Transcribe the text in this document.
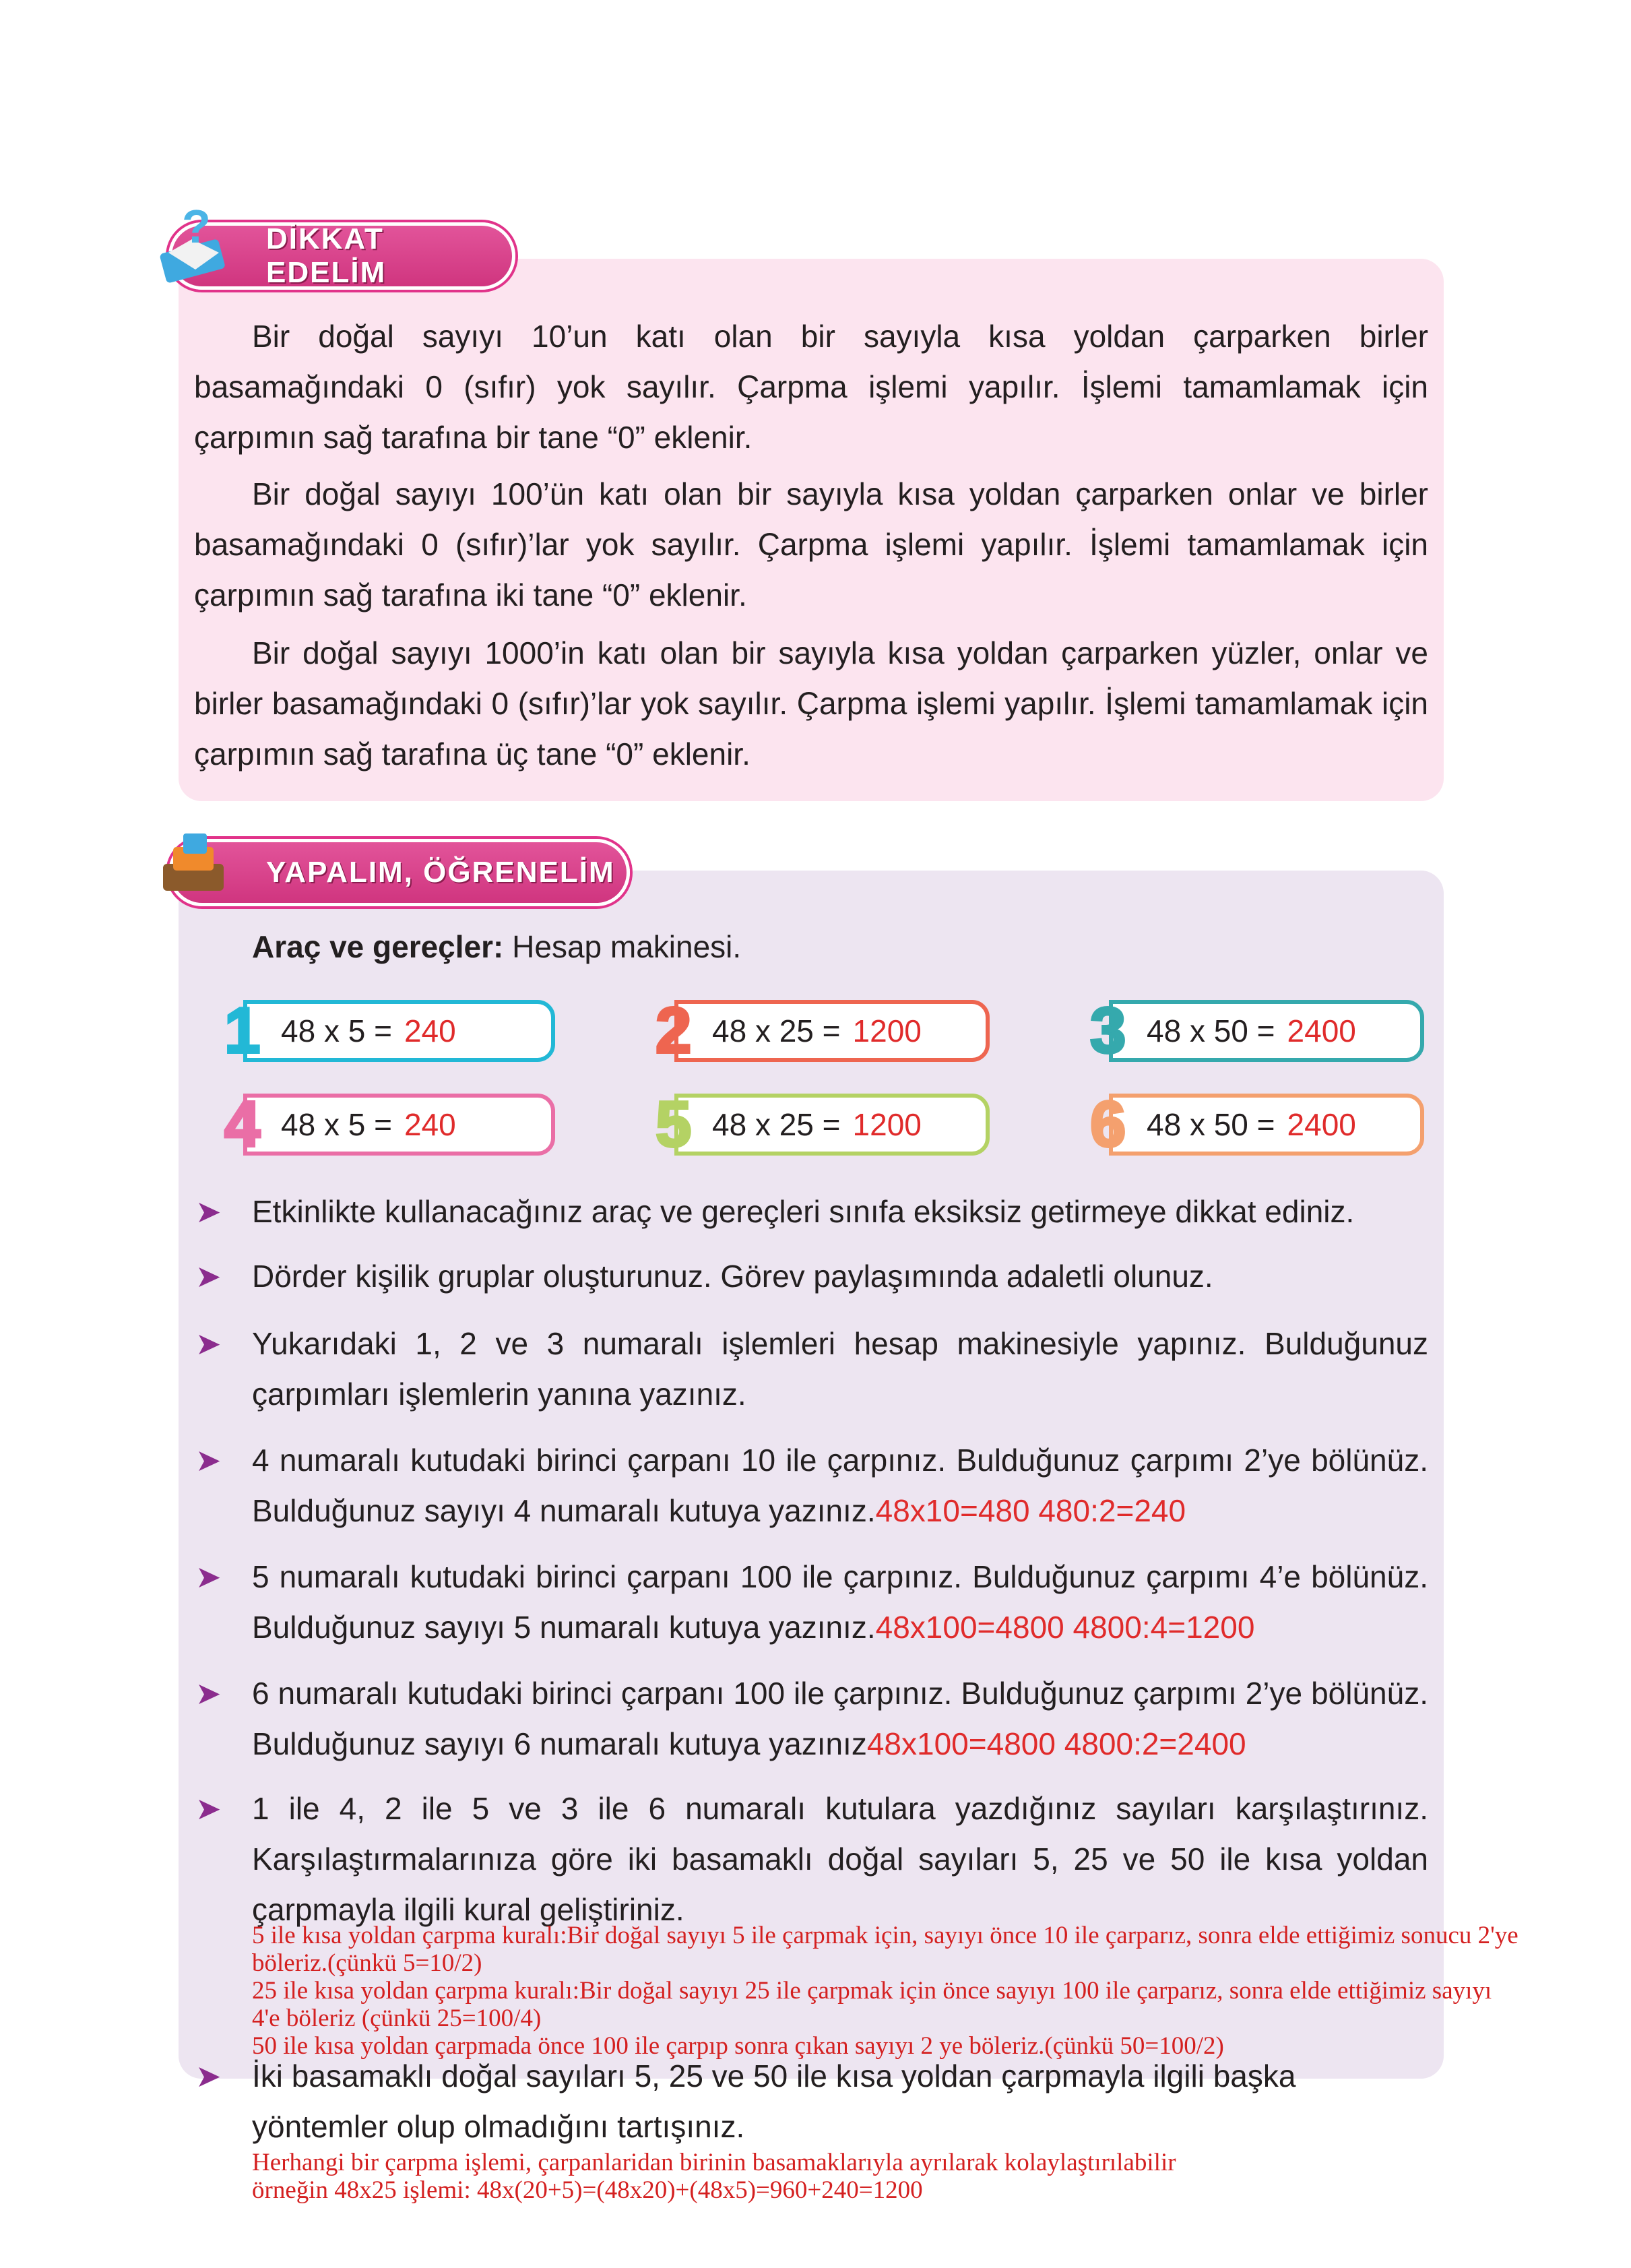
DİKKAT EDELİM
?
YAPALIM, ÖĞRENELİM
Bir doğal sayıyı 10’un katı olan bir sayıyla kısa yoldan çarparken birler basamağındaki 0 (sıfır) yok sayılır. Çarpma işlemi yapılır. İşlemi tamamlamak için çarpımın sağ tarafına bir tane “0” eklenir.
Bir doğal sayıyı 100’ün katı olan bir sayıyla kısa yoldan çarparken onlar ve birler basamağındaki 0 (sıfır)’lar yok sayılır. Çarpma işlemi yapılır. İşlemi tamamlamak için çarpımın sağ tarafına iki tane “0” eklenir.
Bir doğal sayıyı 1000’in katı olan bir sayıyla kısa yoldan çarparken yüzler, onlar ve birler basamağındaki 0 (sıfır)’lar yok sayılır. Çarpma işlemi yapılır. İşlemi tamamlamak için çarpımın sağ tarafına üç tane “0” eklenir.
Araç ve gereçler: Hesap makinesi.
1 48 x 5 = 240	2 48 x 25 = 1200	3 48 x 50 = 2400
4 48 x 5 = 240	5 48 x 25 = 1200	6 48 x 50 = 2400
➤ Etkinlikte kullanacağınız araç ve gereçleri sınıfa eksiksiz getirmeye dikkat ediniz.
➤ Dörder kişilik gruplar oluşturunuz. Görev paylaşımında adaletli olunuz.
➤ Yukarıdaki 1, 2 ve 3 numaralı işlemleri hesap makinesiyle yapınız. Bulduğunuz çarpımları işlemlerin yanına yazınız.
➤ 4 numaralı kutudaki birinci çarpanı 10 ile çarpınız. Bulduğunuz çarpımı 2’ye bölünüz. Bulduğunuz sayıyı 4 numaralı kutuya yazınız.48x10=480 480:2=240
➤ 5 numaralı kutudaki birinci çarpanı 100 ile çarpınız. Bulduğunuz çarpımı 4’e bölünüz. Bulduğunuz sayıyı 5 numaralı kutuya yazınız.48x100=4800 4800:4=1200
➤ 6 numaralı kutudaki birinci çarpanı 100 ile çarpınız. Bulduğunuz çarpımı 2’ye bölünüz. Bulduğunuz sayıyı 6 numaralı kutuya yazınız48x100=4800 4800:2=2400
➤ 1 ile 4, 2 ile 5 ve 3 ile 6 numaralı kutulara yazdığınız sayıları karşılaştırınız. Karşılaştırmalarınıza göre iki basamaklı doğal sayıları 5, 25 ve 50 ile kısa yoldan çarpmayla ilgili kural geliştiriniz.
➤ İki basamaklı doğal sayıları 5, 25 ve 50 ile kısa yoldan çarpmayla ilgili başka yöntemler olup olmadığını tartışınız.
5 ile kısa yoldan çarpma kuralı:Bir doğal sayıyı 5 ile çarpmak için, sayıyı önce 10 ile çarparız, sonra elde ettiğimiz sonucu 2'ye böleriz.(çünkü 5=10/2)
25 ile kısa yoldan çarpma kuralı:Bir doğal sayıyı 25 ile çarpmak için önce sayıyı 100 ile çarparız, sonra elde ettiğimiz sayıyı 4'e böleriz (çünkü 25=100/4)
50 ile kısa yoldan çarpmada önce 100 ile çarpıp sonra çıkan sayıyı 2 ye böleriz.(çünkü 50=100/2)
Herhangi bir çarpma işlemi, çarpanlaridan birinin basamaklarıyla ayrılarak kolaylaştırılabilir
örneğin 48x25 işlemi: 48x(20+5)=(48x20)+(48x5)=960+240=1200
